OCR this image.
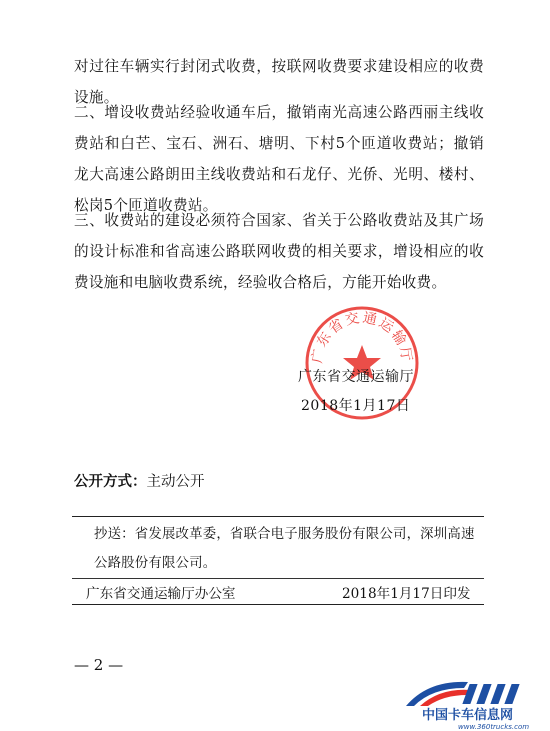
对过往车辆实行封闭式收费，按联网收费要求建设相应的收费设施。

二、增设收费站经验收通车后，撤销南光高速公路西丽主线收费站和白芒、宝石、洲石、塘明、下村5个匝道收费站；撤销龙大高速公路朗田主线收费站和石龙仔、光侨、光明、楼村、松岗5个匝道收费站。

三、收费站的建设必须符合国家、省关于公路收费站及其广场的设计标准和省高速公路联网收费的相关要求，增设相应的收费设施和电脑收费系统，经验收合格后，方能开始收费。

广东省交通运输厅
广东省交通运输厅
2018年1月17日
公开方式：主动公开
抄送：省发展改革委，省联合电子服务股份有限公司，深圳高速公路股份有限公司。
广东省交通运输厅办公室	2018年1月17日印发
— 2 —
中国卡车信息网
www.360trucks.com
